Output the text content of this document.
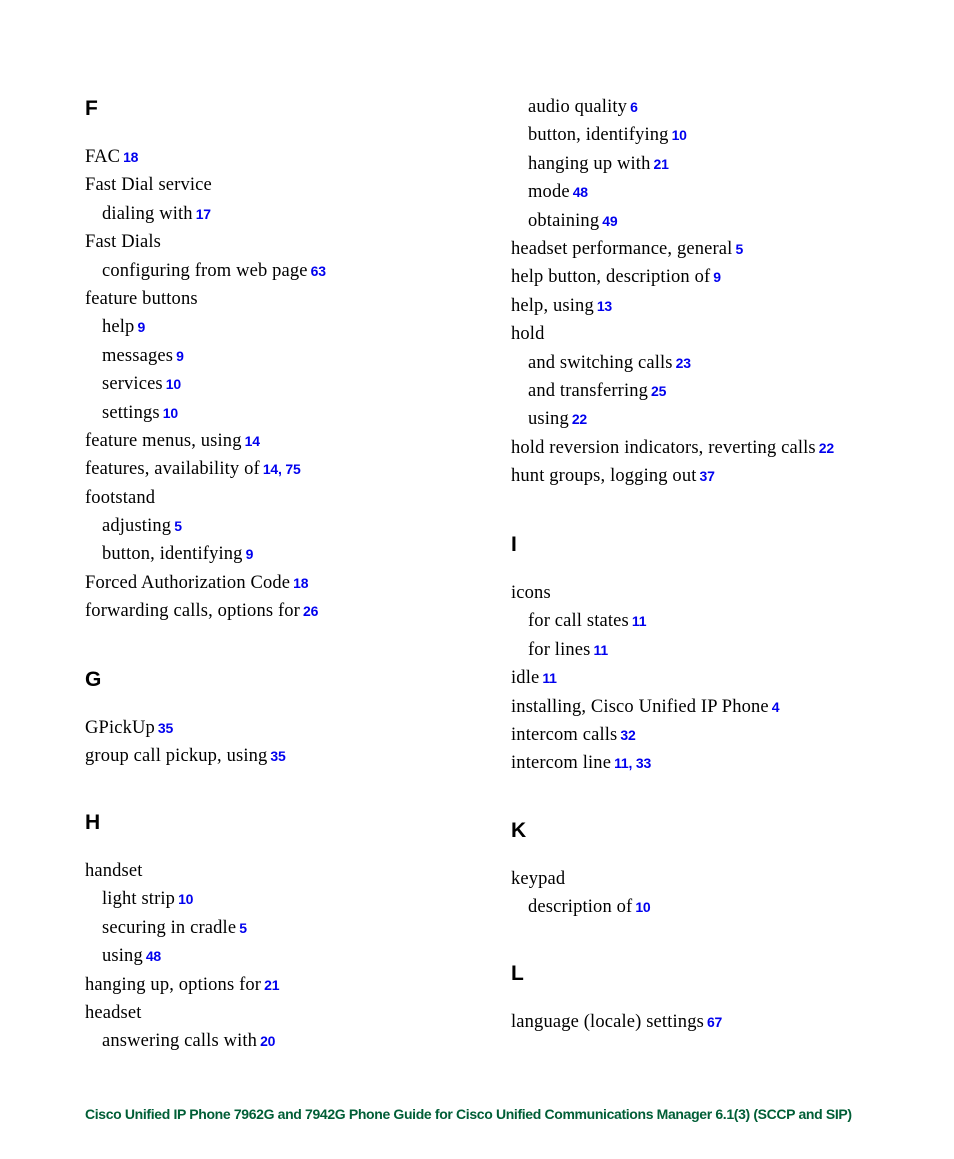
F
FAC 18
Fast Dial service
dialing with 17
Fast Dials
configuring from web page 63
feature buttons
help 9
messages 9
services 10
settings 10
feature menus, using 14
features, availability of 14, 75
footstand
adjusting 5
button, identifying 9
Forced Authorization Code 18
forwarding calls, options for 26
G
GPickUp 35
group call pickup, using 35
H
handset
light strip 10
securing in cradle 5
using 48
hanging up, options for 21
headset
answering calls with 20
audio quality 6
button, identifying 10
hanging up with 21
mode 48
obtaining 49
headset performance, general 5
help button, description of 9
help, using 13
hold
and switching calls 23
and transferring 25
using 22
hold reversion indicators, reverting calls 22
hunt groups, logging out 37
I
icons
for call states 11
for lines 11
idle 11
installing, Cisco Unified IP Phone 4
intercom calls 32
intercom line 11, 33
K
keypad
description of 10
L
language (locale) settings 67
Cisco Unified IP Phone 7962G and 7942G Phone Guide for Cisco Unified Communications Manager 6.1(3) (SCCP and SIP)
